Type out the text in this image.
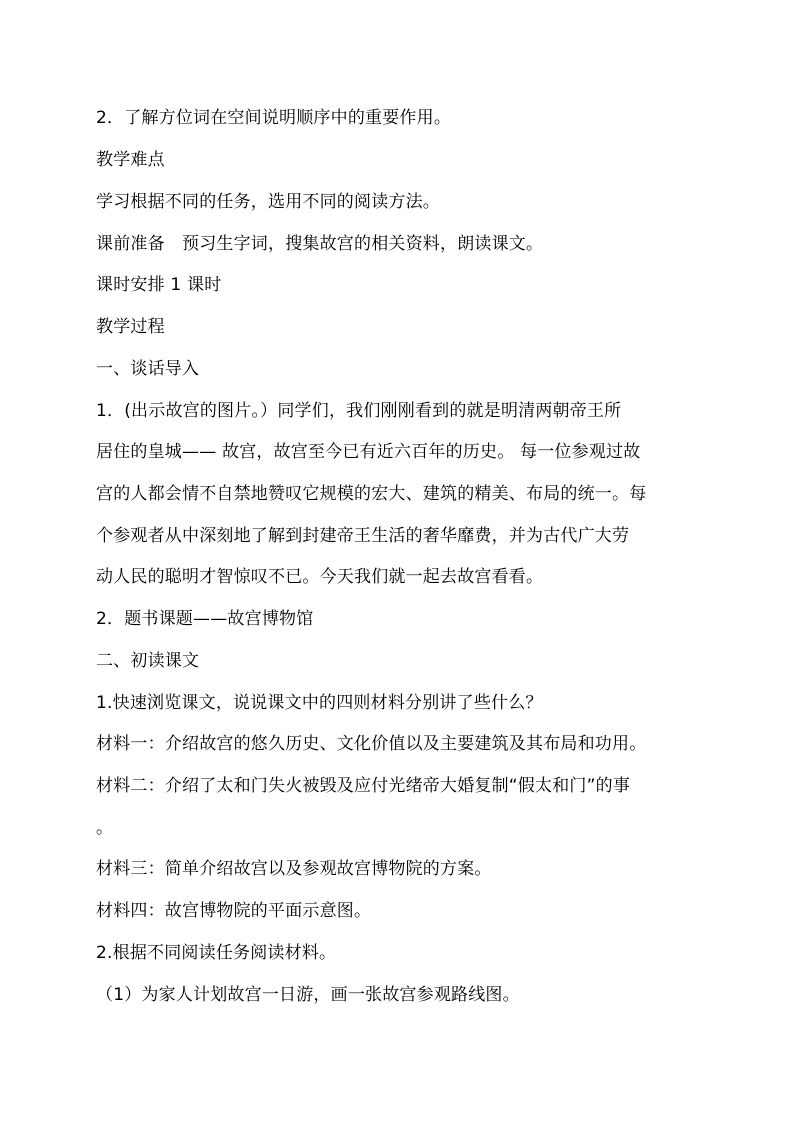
2．了解方位词在空间说明顺序中的重要作用。
教学难点
学习根据不同的任务，选用不同的阅读方法。
课前准备　预习生字词，搜集故宫的相关资料，朗读课文。
课时安排 1 课时
教学过程
一、谈话导入
1．(出示故宫的图片。）同学们，我们刚刚看到的就是明清两朝帝王所
居住的皇城—— 故宫，故宫至今已有近六百年的历史。 每一位参观过故
宫的人都会情不自禁地赞叹它规模的宏大、建筑的精美、布局的统一。每
个参观者从中深刻地了解到封建帝王生活的奢华靡费，并为古代广大劳
动人民的聪明才智惊叹不已。今天我们就一起去故宫看看。
2．题书课题——故宫博物馆
二、初读课文
1.快速浏览课文，说说课文中的四则材料分别讲了些什么？
材料一：介绍故宫的悠久历史、文化价值以及主要建筑及其布局和功用。
材料二：介绍了太和门失火被毁及应付光绪帝大婚复制“假太和门”的事
。
材料三：简单介绍故宫以及参观故宫博物院的方案。
材料四：故宫博物院的平面示意图。
2.根据不同阅读任务阅读材料。
（1）为家人计划故宫一日游，画一张故宫参观路线图。
